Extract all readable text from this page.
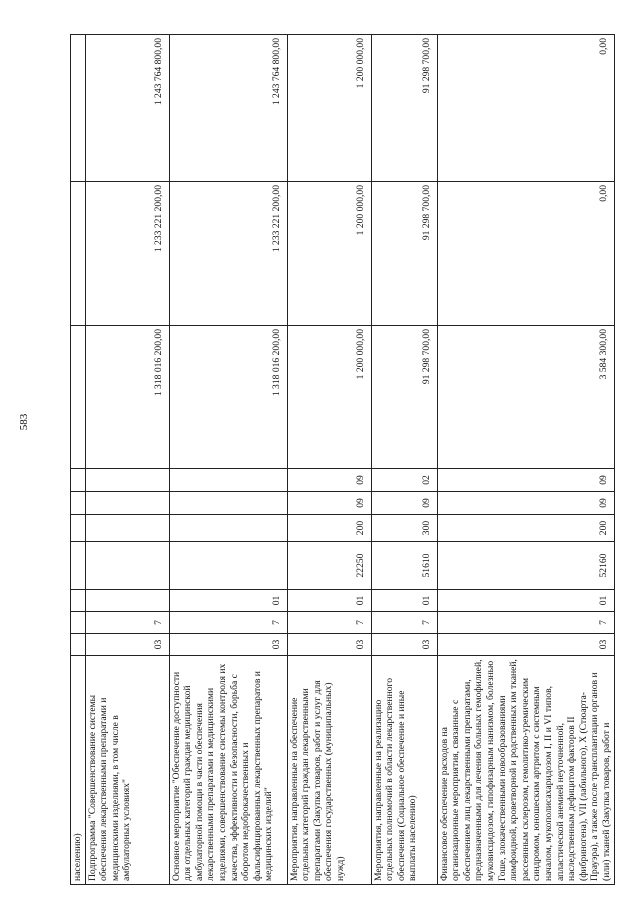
583
населению)										
Подпрограмма "Совершенствование системы обеспечения лекарственными препаратами и медицинскими изделиями, в том числе в амбулаторных условиях"	03	7						1 318 016 200,00	1 233 221 200,00	1 243 764 800,00
Основное мероприятие "Обеспечение доступности для отдельных категорий граждан медицинской амбулаторной помощи в части обеспечения лекарственными препаратами и медицинскими изделиями, совершенствование системы контроля их качества, эффективности и безопасности, борьба с оборотом недоброкачественных и фальсифицированных лекарственных препаратов и медицинских изделий"	03	7	01					1 318 016 200,00	1 233 221 200,00	1 243 764 800,00
Мероприятия, направленные на обеспечение отдельных категорий граждан лекарственными препаратами (Закупка товаров, работ и услуг для обеспечения государственных (муниципальных) нужд)	03	7	01	22250	200	09	09	1 200 000,00	1 200 000,00	1 200 000,00
Мероприятия, направленные на реализацию отдельных полномочий в области лекарственного обеспечения (Социальное обеспечение и иные выплаты населению)	03	7	01	51610	300	09	02	91 298 700,00	91 298 700,00	91 298 700,00
Финансовое обеспечение расходов на организационные мероприятия, связанные с обеспечением лиц лекарственными препаратами, предназначенными для лечения больных гемофилией, муковисцидозом, гипофизарным нанизмом, болезнью Гоше, злокачественными новообразованиями лимфоидной, кроветворной и родственных им тканей, рассеянным склерозом, гемолитико-уремическим синдромом, юношеским артритом с системным началом, мукополисахаридозом I, II и VI типов, апластической анемией неуточненной, наследственным дефицитом факторов II (фибриногена), VII (лабильного), X (Стюарта-Прауэра), а также после трансплантации органов и (или) тканей (Закупка товаров, работ и	03	7	01	52160	200	09	09	3 584 300,00	0,00	0,00
